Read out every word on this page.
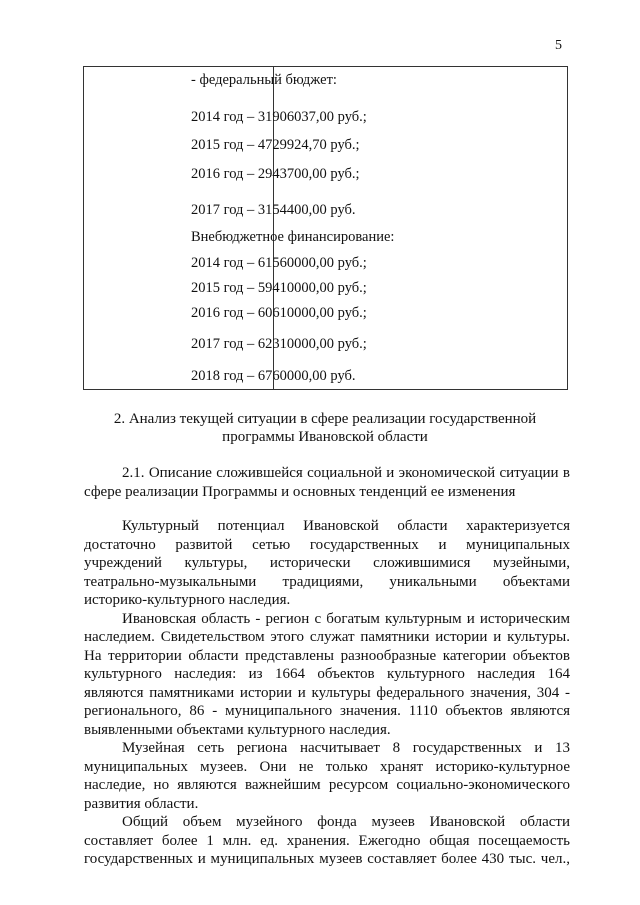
5
- федеральный бюджет:
2014 год – 31906037,00 руб.;
2015 год – 4729924,70 руб.;
2016 год – 2943700,00 руб.;
2017 год – 3154400,00 руб.
Внебюджетное финансирование:
2014 год – 61560000,00 руб.;
2015 год – 59410000,00 руб.;
2016 год – 60610000,00 руб.;
2017 год – 62310000,00 руб.;
2018 год – 6760000,00 руб.
2. Анализ текущей ситуации в сфере реализации государственной
программы Ивановской области
2.1. Описание сложившейся социальной и экономической ситуации в
сфере реализации Программы и основных тенденций ее изменения
Культурный потенциал Ивановской области характеризуется
достаточно развитой сетью государственных и муниципальных
учреждений культуры, исторически сложившимися музейными,
театрально-музыкальными традициями, уникальными объектами
историко-культурного наследия.
Ивановская область - регион с богатым культурным и историческим
наследием. Свидетельством этого служат памятники истории и культуры.
На территории области представлены разнообразные категории объектов
культурного наследия: из 1664 объектов культурного наследия 164
являются памятниками истории и культуры федерального значения, 304 -
регионального, 86 - муниципального значения. 1110 объектов являются
выявленными объектами культурного наследия.
Музейная сеть региона насчитывает 8 государственных и 13
муниципальных музеев. Они не только хранят историко-культурное
наследие, но являются важнейшим ресурсом социально-экономического
развития области.
Общий объем музейного фонда музеев Ивановской области
составляет более 1 млн. ед. хранения. Ежегодно общая посещаемость
государственных и муниципальных музеев составляет более 430 тыс. чел.,
